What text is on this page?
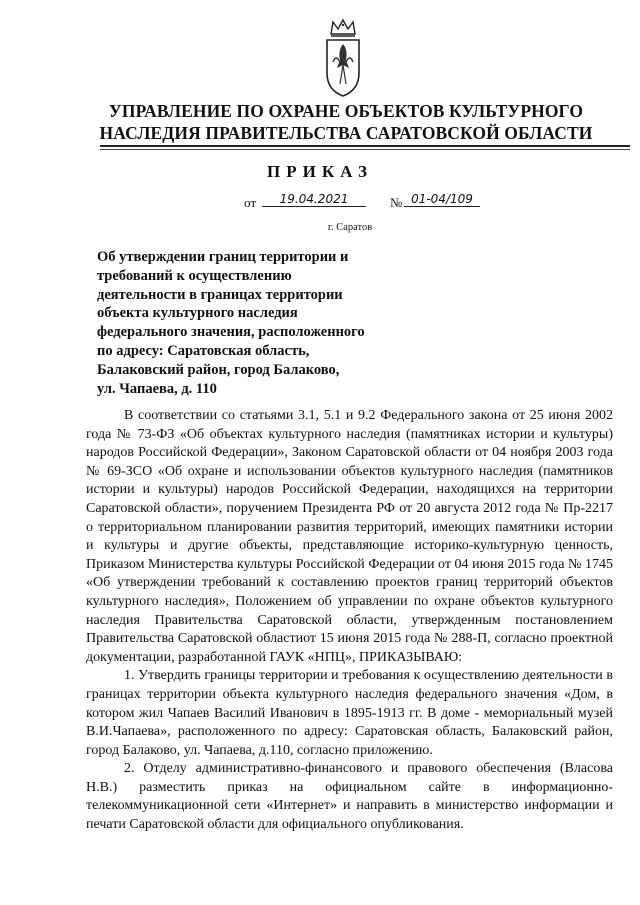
УПРАВЛЕНИЕ ПО ОХРАНЕ ОБЪЕКТОВ КУЛЬТУРНОГО
НАСЛЕДИЯ ПРАВИТЕЛЬСТВА САРАТОВСКОЙ ОБЛАСТИ
ПРИКАЗ
от	19.04.2021	№ 01-04/109
г. Саратов
Об утверждении границ территории и
требований к осуществлению
деятельности в границах территории
объекта культурного наследия
федерального значения, расположенного
по адресу: Саратовская область,
Балаковский район, город Балаково,
ул. Чапаева, д. 110

В соответствии со статьями 3.1, 5.1 и 9.2 Федерального закона от 25 июня 2002 года № 73-ФЗ «Об объектах культурного наследия (памятниках истории и культуры) народов Российской Федерации», Законом Саратовской области от 04 ноября 2003 года № 69-ЗСО «Об охране и использовании объектов культурного наследия (памятников истории и культуры) народов Российской Федерации, находящихся на территории Саратовской области», поручением Президента РФ от 20 августа 2012 года № Пр-2217 о территориальном планировании развития территорий, имеющих памятники истории и культуры и другие объекты, представляющие историко-культурную ценность, Приказом Министерства культуры Российской Федерации от 04 июня 2015 года № 1745 «Об утверждении требований к составлению проектов границ территорий объектов культурного наследия», Положением об управлении по охране объектов культурного наследия Правительства Саратовской области, утвержденным постановлением Правительства Саратовской областиот 15 июня 2015 года № 288-П, согласно проектной документации, разработанной ГАУК «НПЦ», ПРИКАЗЫВАЮ:

1. Утвердить границы территории и требования к осуществлению деятельности в границах территории объекта культурного наследия федерального значения «Дом, в котором жил Чапаев Василий Иванович в 1895-1913 гг. В доме - мемориальный музей В.И.Чапаева», расположенного по адресу: Саратовская область, Балаковский район, город Балаково, ул. Чапаева, д.110, согласно приложению.

2. Отделу административно-финансового и правового обеспечения (Власова Н.В.) разместить приказ на официальном сайте в информационно-телекоммуникационной сети «Интернет» и направить в министерство информации и печати Саратовской области для официального опубликования.
